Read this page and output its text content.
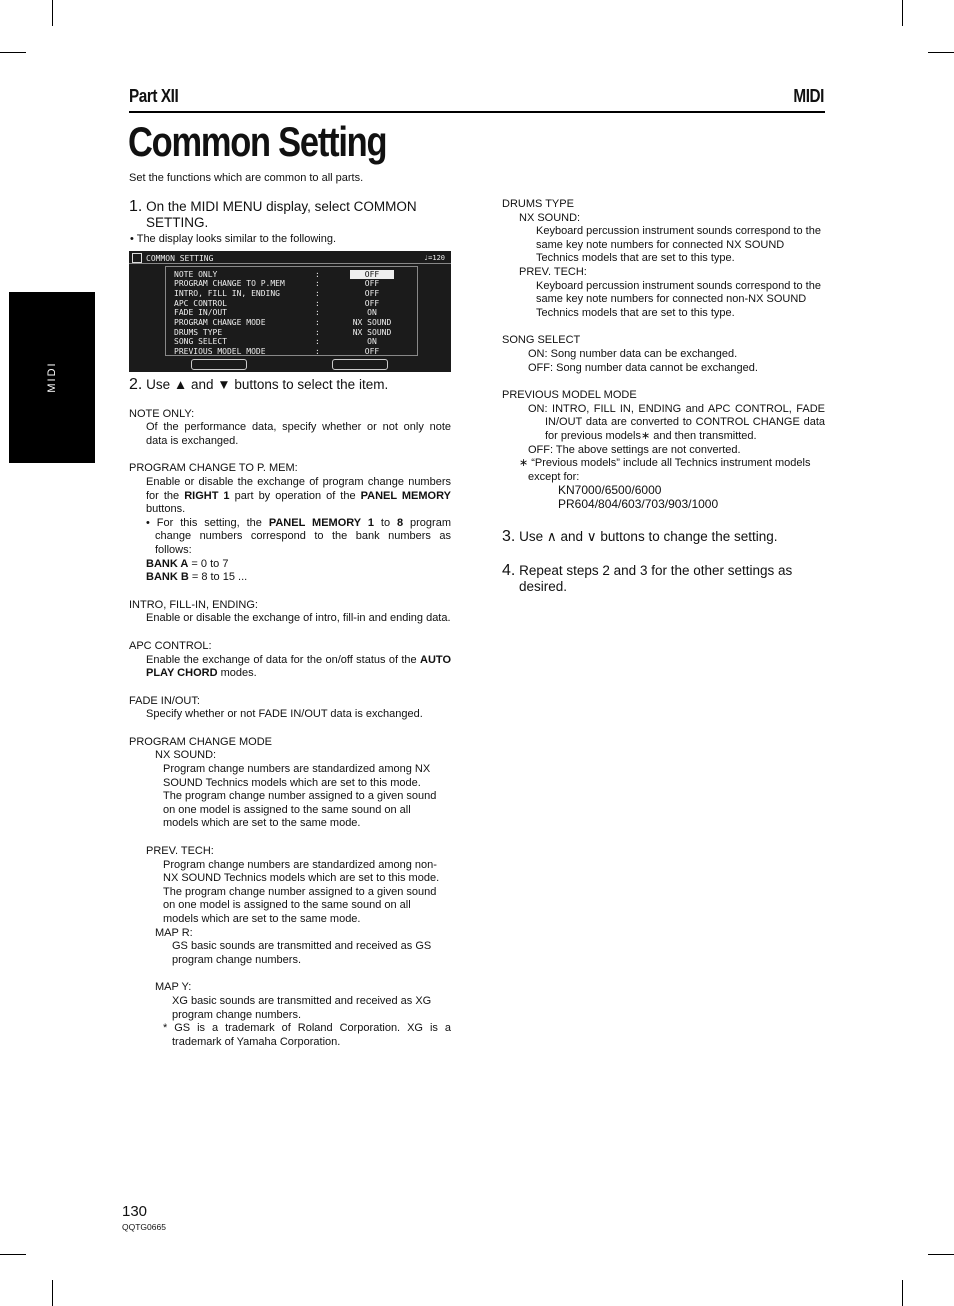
Part XII	MIDI
Common Setting
Set the functions which are common to all parts.
MIDI

1. On the MIDI MENU display, select COMMON SETTING.

• The display looks similar to the following.

COMMON SETTING	♩=120
NOTE ONLY	:	OFF
PROGRAM CHANGE TO P.MEM	:	OFF
INTRO, FILL IN, ENDING	:	OFF
APC CONTROL	:	OFF
FADE IN/OUT	:	ON
PROGRAM CHANGE MODE	:	NX SOUND
DRUMS TYPE	:	NX SOUND
SONG SELECT	:	ON
PREVIOUS MODEL MODE	:	OFF

2. Use ▲ and ▼ buttons to select the item.

NOTE ONLY:

Of the performance data, specify whether or not only note data is exchanged.

PROGRAM CHANGE TO P. MEM:

Enable or disable the exchange of program change numbers for the RIGHT 1 part by operation of the PANEL MEMORY buttons.

• For this setting, the PANEL MEMORY 1 to 8 program change numbers correspond to the bank numbers as follows:

BANK A = 0 to 7

BANK B = 8 to 15 ...

INTRO, FILL-IN, ENDING:

Enable or disable the exchange of intro, fill-in and ending data.

APC CONTROL:

Enable the exchange of data for the on/off status of the AUTO PLAY CHORD modes.

FADE IN/OUT:

Specify whether or not FADE IN/OUT data is exchanged.

PROGRAM CHANGE MODE

NX SOUND:

Program change numbers are standardized among NX SOUND Technics models which are set to this mode. The program change number assigned to a given sound on one model is assigned to the same sound on all models which are set to the same mode.

PREV. TECH:

Program change numbers are standardized among non-NX SOUND Technics models which are set to this mode. The program change number assigned to a given sound on one model is assigned to the same sound on all models which are set to the same mode.

MAP R:

GS basic sounds are transmitted and received as GS program change numbers.

MAP Y:

XG basic sounds are transmitted and received as XG program change numbers.

* GS is a trademark of Roland Corporation. XG is a trademark of Yamaha Corporation.

DRUMS TYPE

NX SOUND:

Keyboard percussion instrument sounds correspond to the same key note numbers for connected NX SOUND Technics models that are set to this type.

PREV. TECH:

Keyboard percussion instrument sounds correspond to the same key note numbers for connected non-NX SOUND Technics models that are set to this type.

SONG SELECT

ON: Song number data can be exchanged.

OFF: Song number data cannot be exchanged.

PREVIOUS MODEL MODE

ON: INTRO, FILL IN, ENDING and APC CONTROL, FADE IN/OUT data are converted to CONTROL CHANGE data for previous models∗ and then transmitted.

OFF: The above settings are not converted.

∗ “Previous models” include all Technics instrument models except for:

KN7000/6500/6000

PR604/804/603/703/903/1000

3. Use ∧ and ∨ buttons to change the setting.

4. Repeat steps 2 and 3 for the other settings as desired.

130
QQTG0665
